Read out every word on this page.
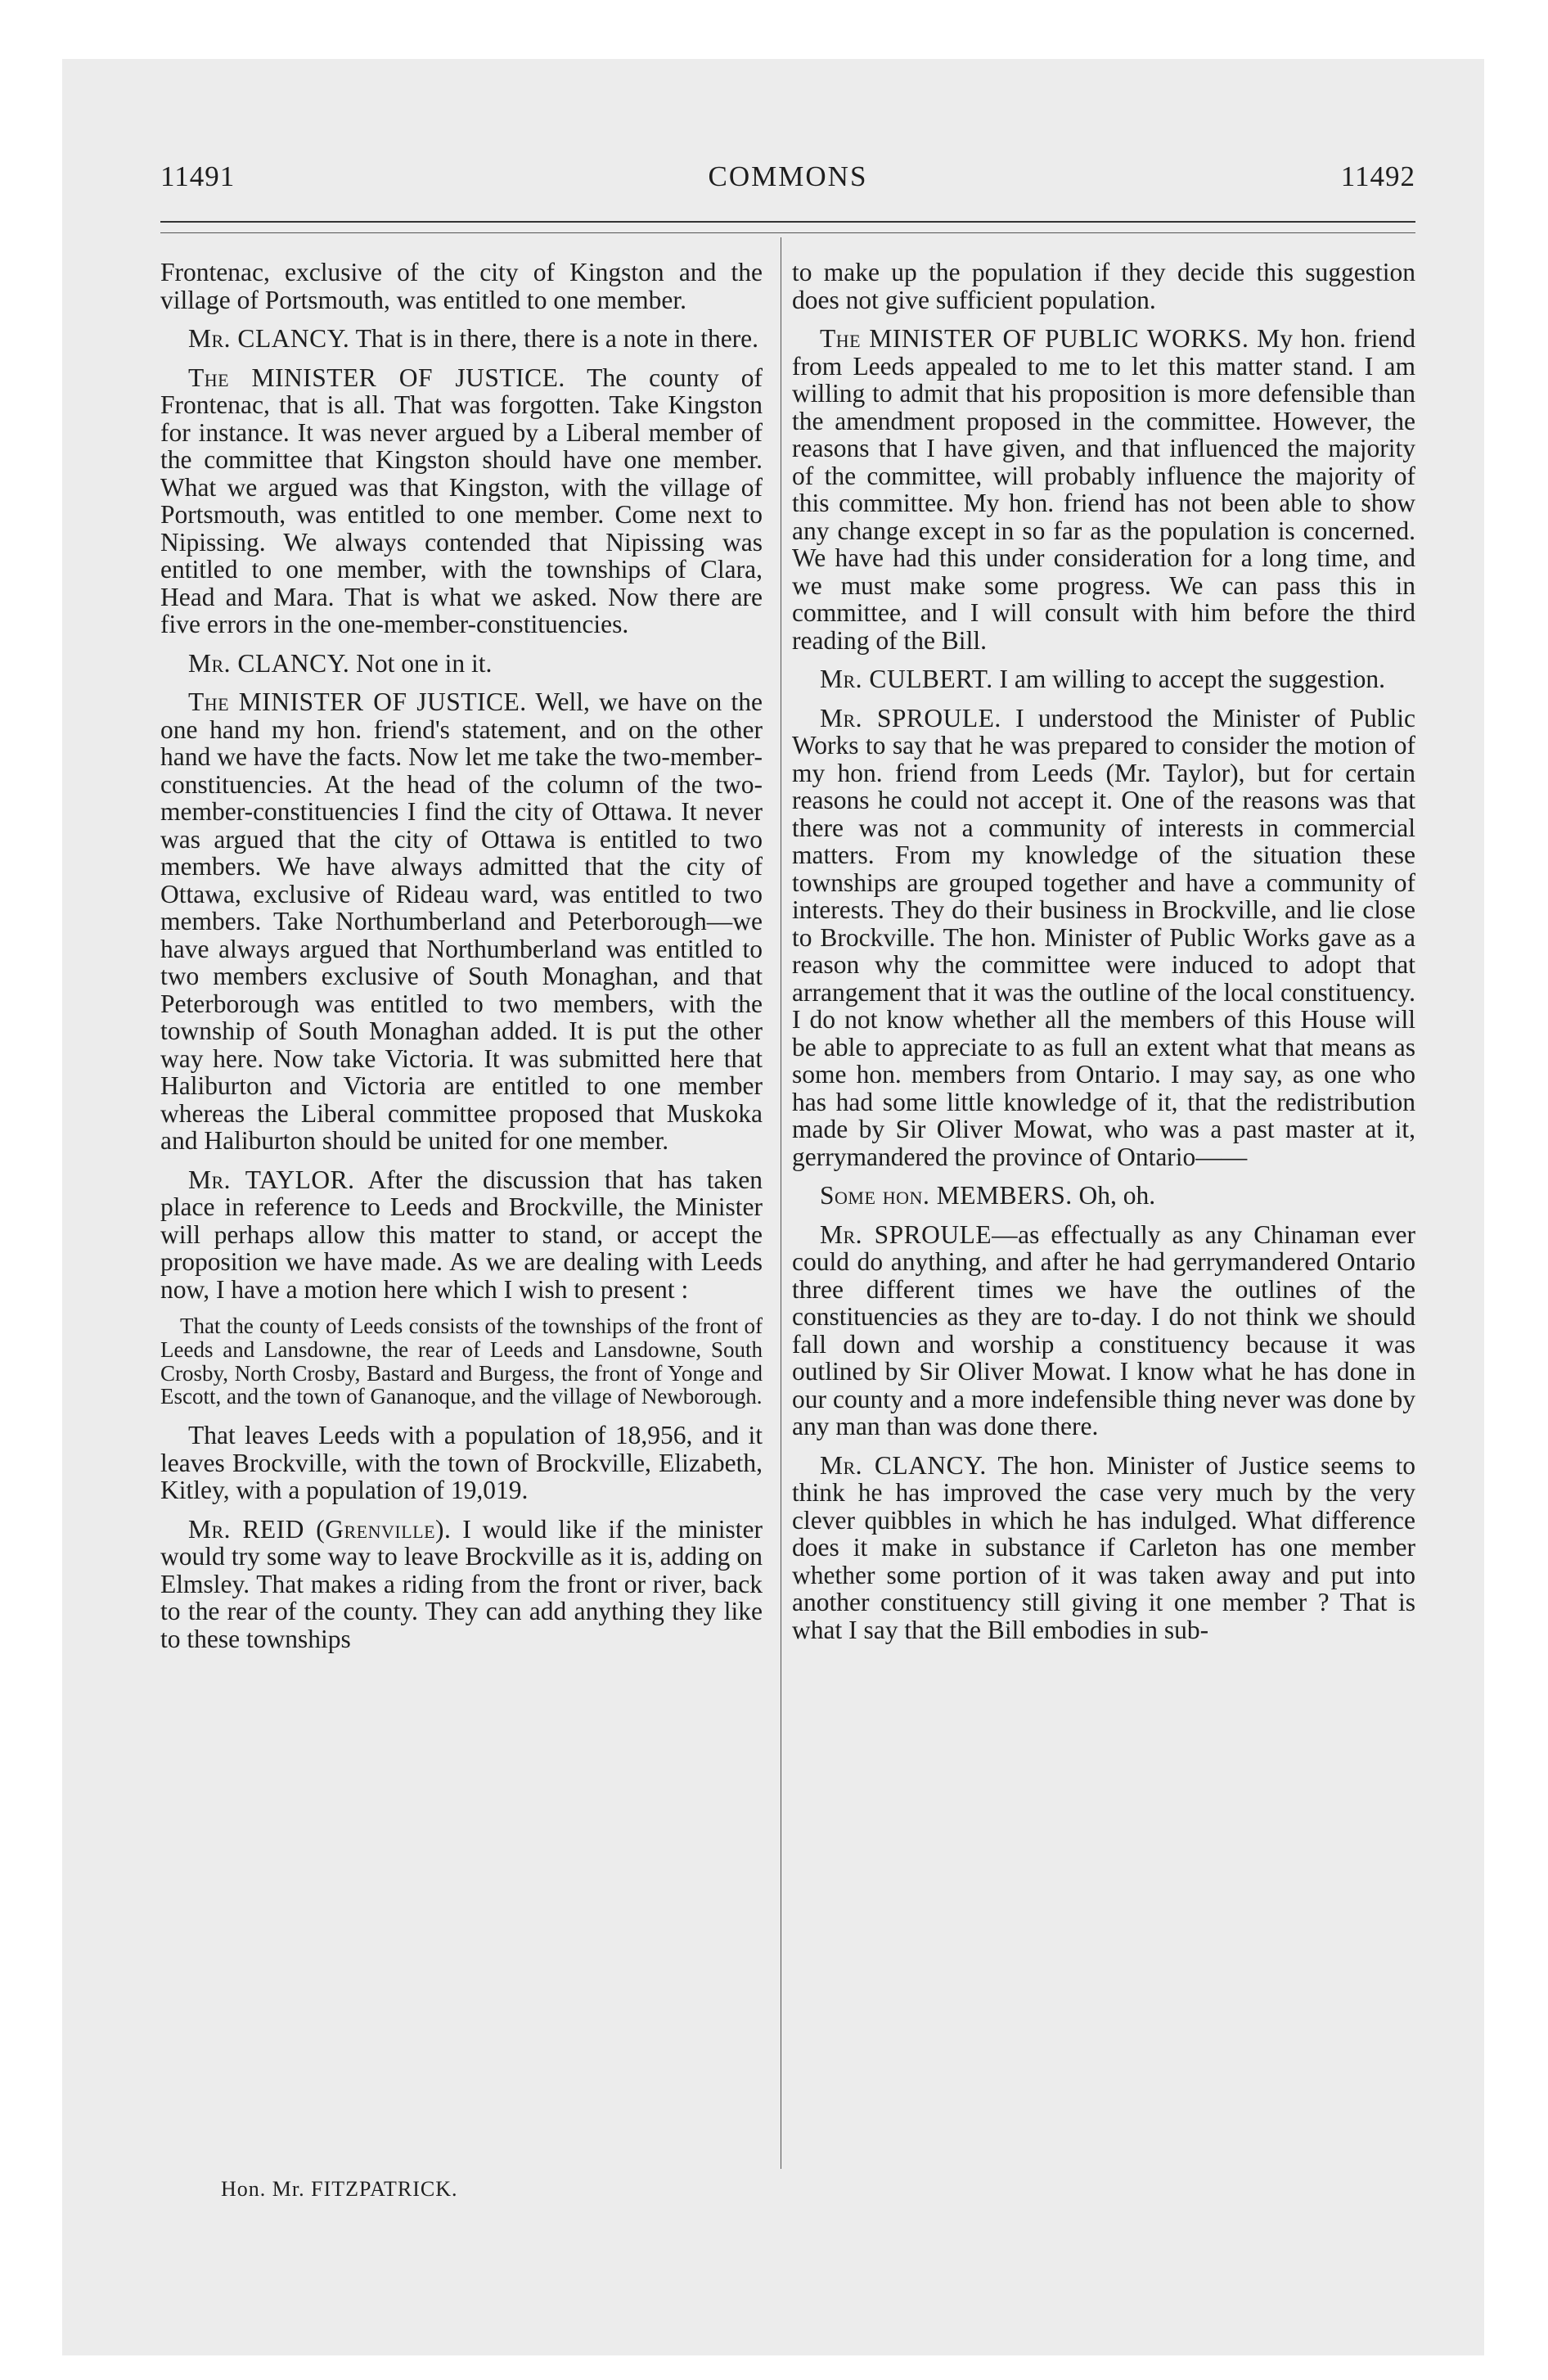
11491	COMMONS	11492

Frontenac, exclusive of the city of Kingston and the village of Portsmouth, was entitled to one member.

Mr. CLANCY. That is in there, there is a note in there.

The MINISTER OF JUSTICE. The county of Frontenac, that is all. That was forgotten. Take Kingston for instance. It was never argued by a Liberal member of the committee that Kingston should have one member. What we argued was that Kingston, with the village of Portsmouth, was entitled to one member. Come next to Nipissing. We always contended that Nipissing was entitled to one member, with the townships of Clara, Head and Mara. That is what we asked. Now there are five errors in the one-member-constituencies.

Mr. CLANCY. Not one in it.

The MINISTER OF JUSTICE. Well, we have on the one hand my hon. friend's statement, and on the other hand we have the facts. Now let me take the two-member-constituencies. At the head of the column of the two-member-constituencies I find the city of Ottawa. It never was argued that the city of Ottawa is entitled to two members. We have always admitted that the city of Ottawa, exclusive of Rideau ward, was entitled to two members. Take Northumberland and Peterborough—we have always argued that Northumberland was entitled to two members exclusive of South Monaghan, and that Peterborough was entitled to two members, with the township of South Monaghan added. It is put the other way here. Now take Victoria. It was submitted here that Haliburton and Victoria are entitled to one member whereas the Liberal committee proposed that Muskoka and Haliburton should be united for one member.

Mr. TAYLOR. After the discussion that has taken place in reference to Leeds and Brockville, the Minister will perhaps allow this matter to stand, or accept the proposition we have made. As we are dealing with Leeds now, I have a motion here which I wish to present :

That the county of Leeds consists of the townships of the front of Leeds and Lansdowne, the rear of Leeds and Lansdowne, South Crosby, North Crosby, Bastard and Burgess, the front of Yonge and Escott, and the town of Gananoque, and the village of Newborough.

That leaves Leeds with a population of 18,956, and it leaves Brockville, with the town of Brockville, Elizabeth, Kitley, with a population of 19,019.

Mr. REID (Grenville). I would like if the minister would try some way to leave Brockville as it is, adding on Elmsley. That makes a riding from the front or river, back to the rear of the county. They can add anything they like to these townships

to make up the population if they decide this suggestion does not give sufficient population.

The MINISTER OF PUBLIC WORKS. My hon. friend from Leeds appealed to me to let this matter stand. I am willing to admit that his proposition is more defensible than the amendment proposed in the committee. However, the reasons that I have given, and that influenced the majority of the committee, will probably influence the majority of this committee. My hon. friend has not been able to show any change except in so far as the population is concerned. We have had this under consideration for a long time, and we must make some progress. We can pass this in committee, and I will consult with him before the third reading of the Bill.

Mr. CULBERT. I am willing to accept the suggestion.

Mr. SPROULE. I understood the Minister of Public Works to say that he was prepared to consider the motion of my hon. friend from Leeds (Mr. Taylor), but for certain reasons he could not accept it. One of the reasons was that there was not a community of interests in commercial matters. From my knowledge of the situation these townships are grouped together and have a community of interests. They do their business in Brockville, and lie close to Brockville. The hon. Minister of Public Works gave as a reason why the committee were induced to adopt that arrangement that it was the outline of the local constituency. I do not know whether all the members of this House will be able to appreciate to as full an extent what that means as some hon. members from Ontario. I may say, as one who has had some little knowledge of it, that the redistribution made by Sir Oliver Mowat, who was a past master at it, gerrymandered the province of Ontario——

Some hon. MEMBERS. Oh, oh.

Mr. SPROULE—as effectually as any Chinaman ever could do anything, and after he had gerrymandered Ontario three different times we have the outlines of the constituencies as they are to-day. I do not think we should fall down and worship a constituency because it was outlined by Sir Oliver Mowat. I know what he has done in our county and a more indefensible thing never was done by any man than was done there.

Mr. CLANCY. The hon. Minister of Justice seems to think he has improved the case very much by the very clever quibbles in which he has indulged. What difference does it make in substance if Carleton has one member whether some portion of it was taken away and put into another constituency still giving it one member ? That is what I say that the Bill embodies in sub-

Hon. Mr. FITZPATRICK.
